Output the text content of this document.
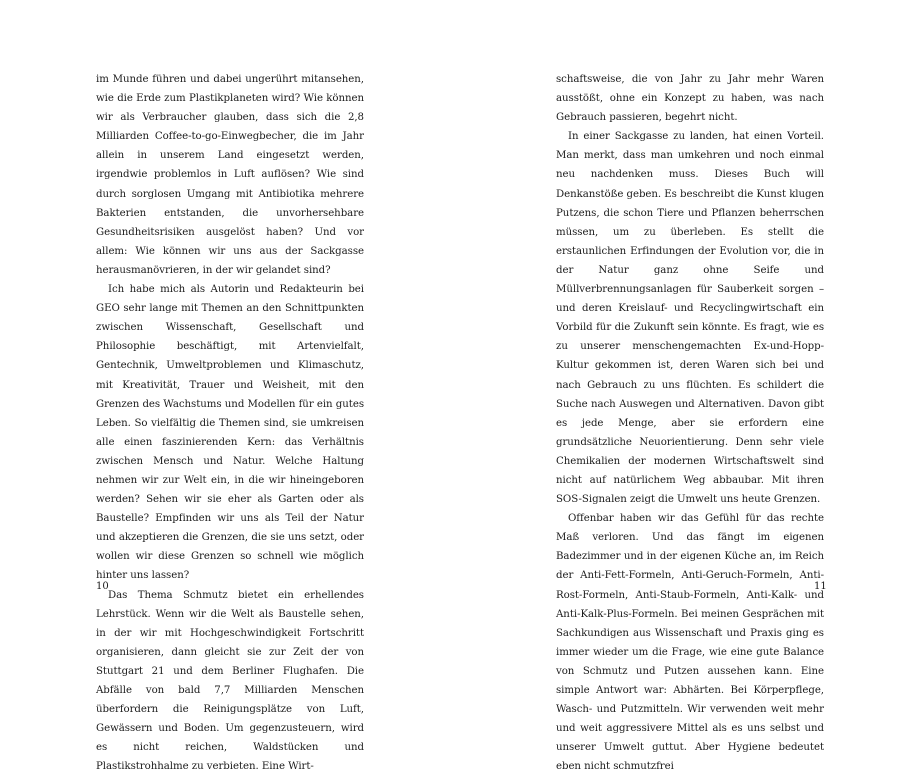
im Munde führen und dabei ungerührt mitansehen, wie die Erde zum Plastikplaneten wird? Wie können wir als Verbraucher glauben, dass sich die 2,8 Milliarden Coffee-to-go-Einwegbecher, die im Jahr allein in unserem Land eingesetzt werden, irgendwie problemlos in Luft auflösen? Wie sind durch sorglosen Umgang mit Antibiotika mehrere Bakterien entstanden, die unvorhersehbare Gesundheitsrisiken ausgelöst haben? Und vor allem: Wie können wir uns aus der Sackgasse herausmanövrieren, in der wir gelandet sind?

Ich habe mich als Autorin und Redakteurin bei GEO sehr lange mit Themen an den Schnittpunkten zwischen Wissenschaft, Gesellschaft und Philosophie beschäftigt, mit Artenvielfalt, Gentechnik, Umweltproblemen und Klimaschutz, mit Kreativität, Trauer und Weisheit, mit den Grenzen des Wachstums und Modellen für ein gutes Leben. So vielfältig die Themen sind, sie umkreisen alle einen faszinierenden Kern: das Verhältnis zwischen Mensch und Natur. Welche Haltung nehmen wir zur Welt ein, in die wir hineingeboren werden? Sehen wir sie eher als Garten oder als Baustelle? Empfinden wir uns als Teil der Natur und akzeptieren die Grenzen, die sie uns setzt, oder wollen wir diese Grenzen so schnell wie möglich hinter uns lassen?

Das Thema Schmutz bietet ein erhellendes Lehrstück. Wenn wir die Welt als Baustelle sehen, in der wir mit Hochgeschwindigkeit Fortschritt organisieren, dann gleicht sie zur Zeit der von Stuttgart 21 und dem Berliner Flughafen. Die Abfälle von bald 7,7 Milliarden Menschen überfordern die Reinigungsplätze von Luft, Gewässern und Boden. Um gegenzusteuern, wird es nicht reichen, Waldstücken und Plastikstrohhalme zu verbieten. Eine Wirt-

10

schaftsweise, die von Jahr zu Jahr mehr Waren ausstößt, ohne ein Konzept zu haben, was nach Gebrauch passieren, begehrt nicht.

In einer Sackgasse zu landen, hat einen Vorteil. Man merkt, dass man umkehren und noch einmal neu nachdenken muss. Dieses Buch will Denkanstöße geben. Es beschreibt die Kunst klugen Putzens, die schon Tiere und Pflanzen beherrschen müssen, um zu überleben. Es stellt die erstaunlichen Erfindungen der Evolution vor, die in der Natur ganz ohne Seife und Müllverbrennungsanlagen für Sauberkeit sorgen – und deren Kreislauf- und Recyclingwirtschaft ein Vorbild für die Zukunft sein könnte. Es fragt, wie es zu unserer menschengemachten Ex-und-Hopp-Kultur gekommen ist, deren Waren sich bei und nach Gebrauch zu uns flüchten. Es schildert die Suche nach Auswegen und Alternativen. Davon gibt es jede Menge, aber sie erfordern eine grundsätzliche Neuorientierung. Denn sehr viele Chemikalien der modernen Wirtschaftswelt sind nicht auf natürlichem Weg abbaubar. Mit ihren SOS-Signalen zeigt die Umwelt uns heute Grenzen.

Offenbar haben wir das Gefühl für das rechte Maß verloren. Und das fängt im eigenen Badezimmer und in der eigenen Küche an, im Reich der Anti-Fett-Formeln, Anti-Geruch-Formeln, Anti-Rost-Formeln, Anti-Staub-Formeln, Anti-Kalk- und Anti-Kalk-Plus-Formeln. Bei meinen Gesprächen mit Sachkundigen aus Wissenschaft und Praxis ging es immer wieder um die Frage, wie eine gute Balance von Schmutz und Putzen aussehen kann. Eine simple Antwort war: Abhärten. Bei Körperpflege, Wasch- und Putzmitteln. Wir verwenden weit mehr und weit aggressivere Mittel als es uns selbst und unserer Umwelt guttut. Aber Hygiene bedeutet eben nicht schmutzfrei

11
